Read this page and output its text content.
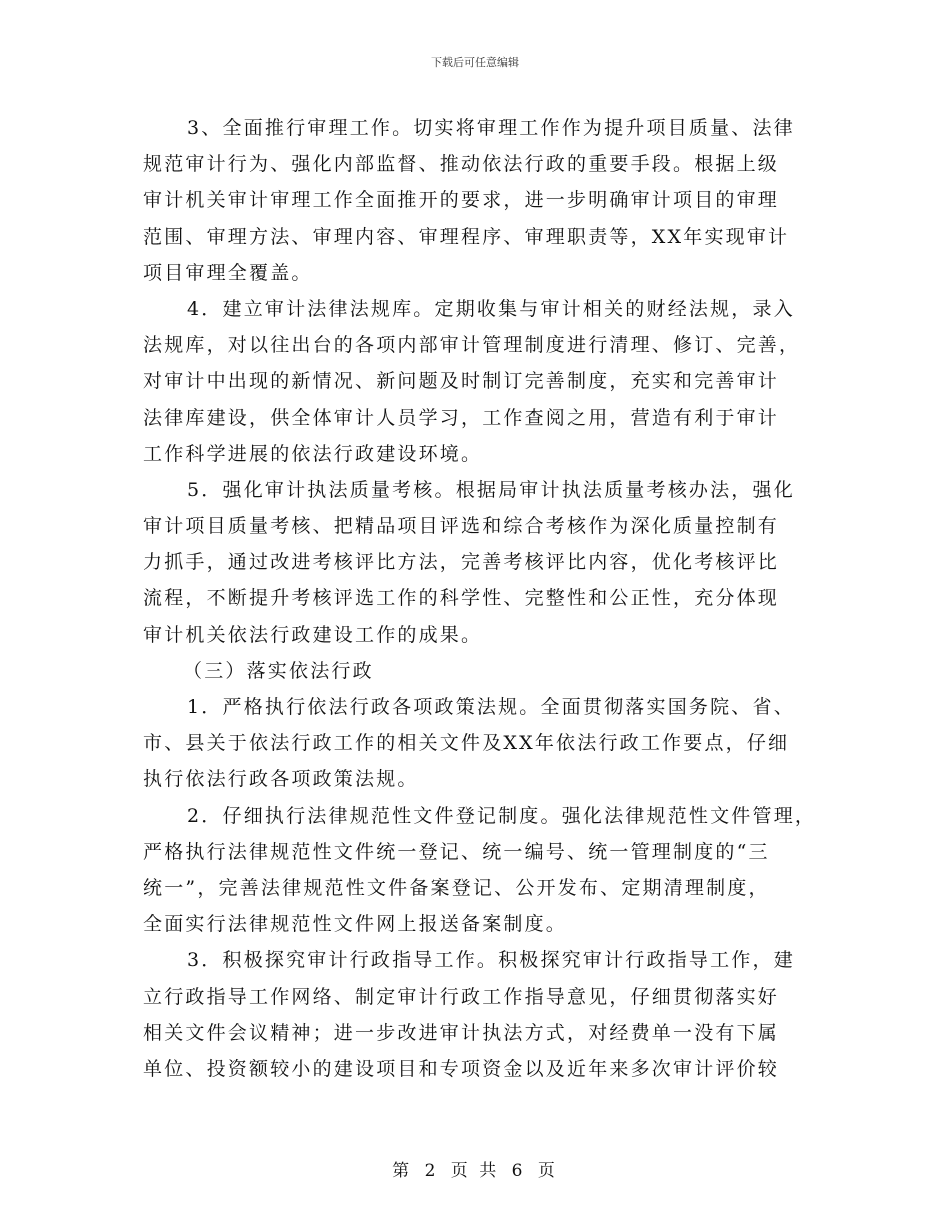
下载后可任意编辑
3、全面推行审理工作。切实将审理工作作为提升项目质量、法律
规范审计行为、强化内部监督、推动依法行政的重要手段。根据上级
审计机关审计审理工作全面推开的要求，进一步明确审计项目的审理
范围、审理方法、审理内容、审理程序、审理职责等，XX年实现审计
项目审理全覆盖。
4．建立审计法律法规库。定期收集与审计相关的财经法规，录入
法规库，对以往出台的各项内部审计管理制度进行清理、修订、完善，
对审计中出现的新情况、新问题及时制订完善制度，充实和完善审计
法律库建设，供全体审计人员学习，工作查阅之用，营造有利于审计
工作科学进展的依法行政建设环境。
5．强化审计执法质量考核。根据局审计执法质量考核办法，强化
审计项目质量考核、把精品项目评选和综合考核作为深化质量控制有
力抓手，通过改进考核评比方法，完善考核评比内容，优化考核评比
流程，不断提升考核评选工作的科学性、完整性和公正性，充分体现
审计机关依法行政建设工作的成果。
（三）落实依法行政
1．严格执行依法行政各项政策法规。全面贯彻落实国务院、省、
市、县关于依法行政工作的相关文件及XX年依法行政工作要点，仔细
执行依法行政各项政策法规。
2．仔细执行法律规范性文件登记制度。强化法律规范性文件管理，
严格执行法律规范性文件统一登记、统一编号、统一管理制度的“三
统一”，完善法律规范性文件备案登记、公开发布、定期清理制度，
全面实行法律规范性文件网上报送备案制度。
3．积极探究审计行政指导工作。积极探究审计行政指导工作，建
立行政指导工作网络、制定审计行政工作指导意见，仔细贯彻落实好
相关文件会议精神；进一步改进审计执法方式，对经费单一没有下属
单位、投资额较小的建设项目和专项资金以及近年来多次审计评价较
第 2 页 共 6 页
